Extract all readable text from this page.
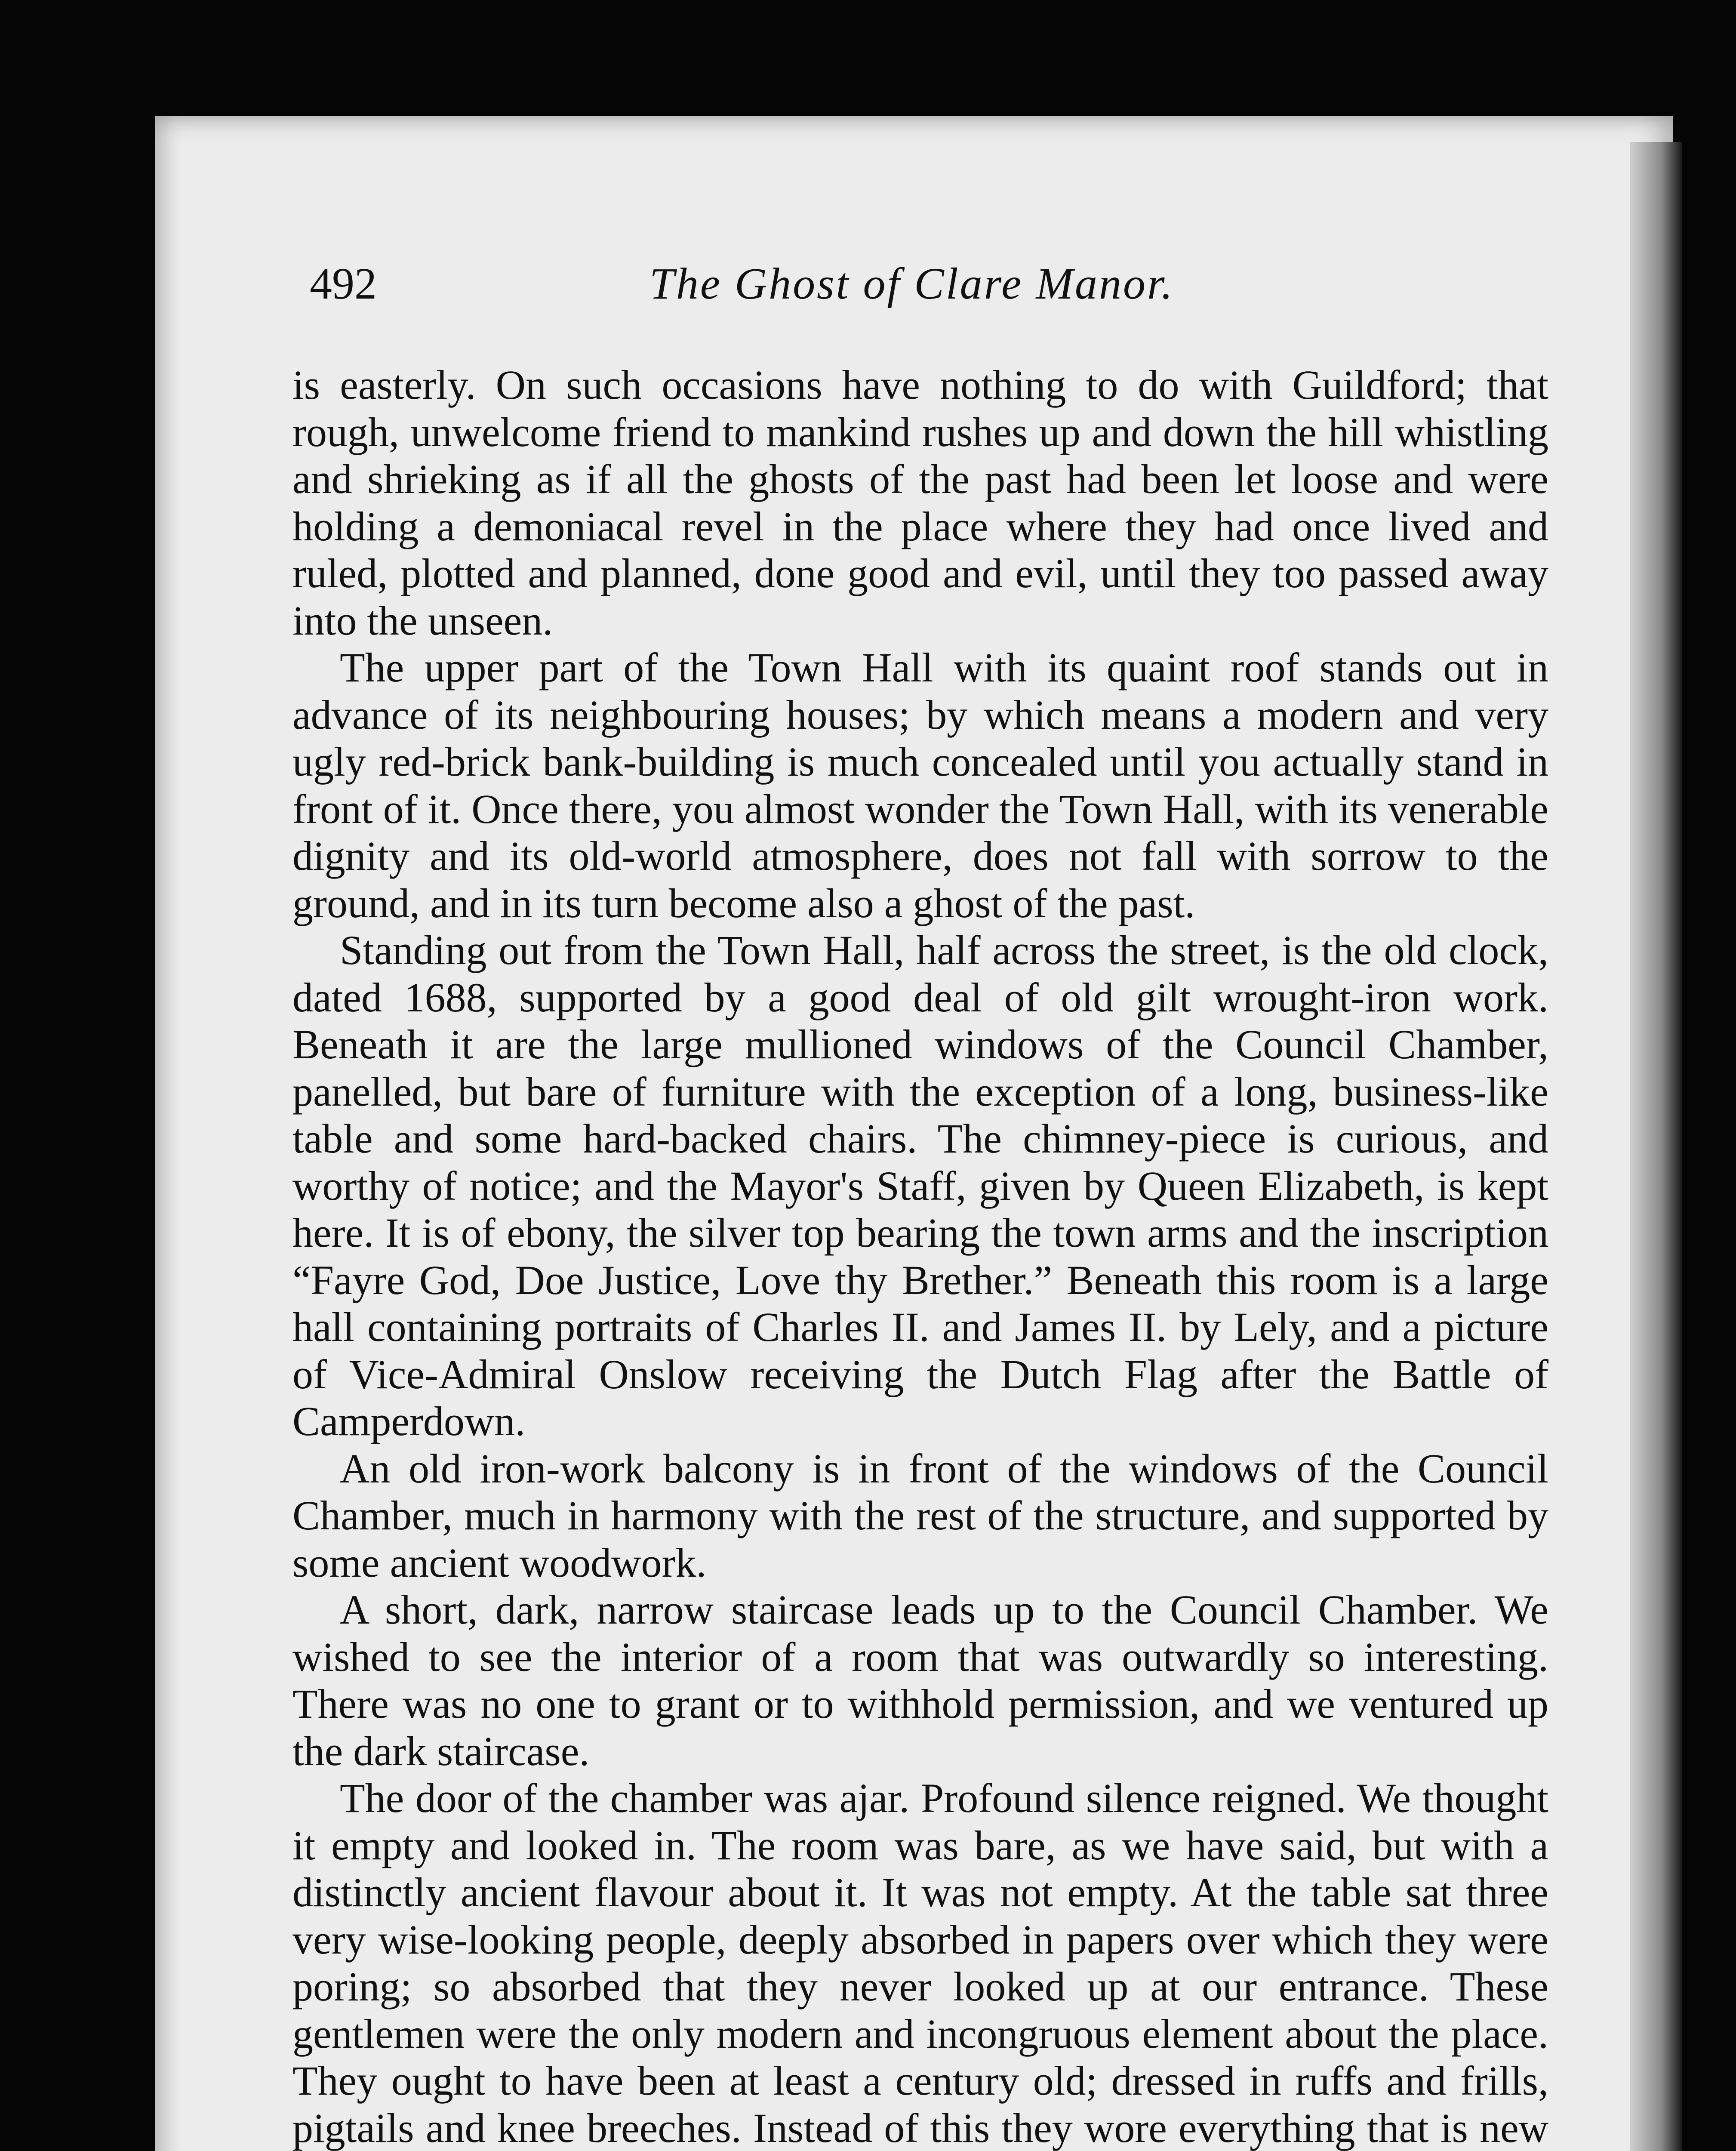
492	The Ghost of Clare Manor.

is easterly. On such occasions have nothing to do with Guildford; that rough, unwelcome friend to mankind rushes up and down the hill whistling and shrieking as if all the ghosts of the past had been let loose and were holding a demoniacal revel in the place where they had once lived and ruled, plotted and planned, done good and evil, until they too passed away into the unseen.

The upper part of the Town Hall with its quaint roof stands out in advance of its neighbouring houses; by which means a modern and very ugly red-brick bank-building is much concealed until you actually stand in front of it. Once there, you almost wonder the Town Hall, with its venerable dignity and its old-world atmosphere, does not fall with sorrow to the ground, and in its turn become also a ghost of the past.

Standing out from the Town Hall, half across the street, is the old clock, dated 1688, supported by a good deal of old gilt wrought-iron work. Beneath it are the large mullioned windows of the Council Chamber, panelled, but bare of furniture with the exception of a long, business-like table and some hard-backed chairs. The chimney-piece is curious, and worthy of notice; and the Mayor's Staff, given by Queen Elizabeth, is kept here. It is of ebony, the silver top bearing the town arms and the inscription “Fayre God, Doe Justice, Love thy Brether.” Beneath this room is a large hall containing portraits of Charles II. and James II. by Lely, and a picture of Vice-Admiral Onslow receiving the Dutch Flag after the Battle of Camperdown.

An old iron-work balcony is in front of the windows of the Council Chamber, much in harmony with the rest of the structure, and supported by some ancient woodwork.

A short, dark, narrow staircase leads up to the Council Chamber. We wished to see the interior of a room that was outwardly so interesting. There was no one to grant or to withhold permission, and we ventured up the dark staircase.

The door of the chamber was ajar. Profound silence reigned. We thought it empty and looked in. The room was bare, as we have said, but with a distinctly ancient flavour about it. It was not empty. At the table sat three very wise-looking people, deeply absorbed in papers over which they were poring; so absorbed that they never looked up at our entrance. These gentlemen were the only modern and incongruous element about the place. They ought to have been at least a century old; dressed in ruffs and frills, pigtails and knee breeches. Instead of this they wore everything that is new
